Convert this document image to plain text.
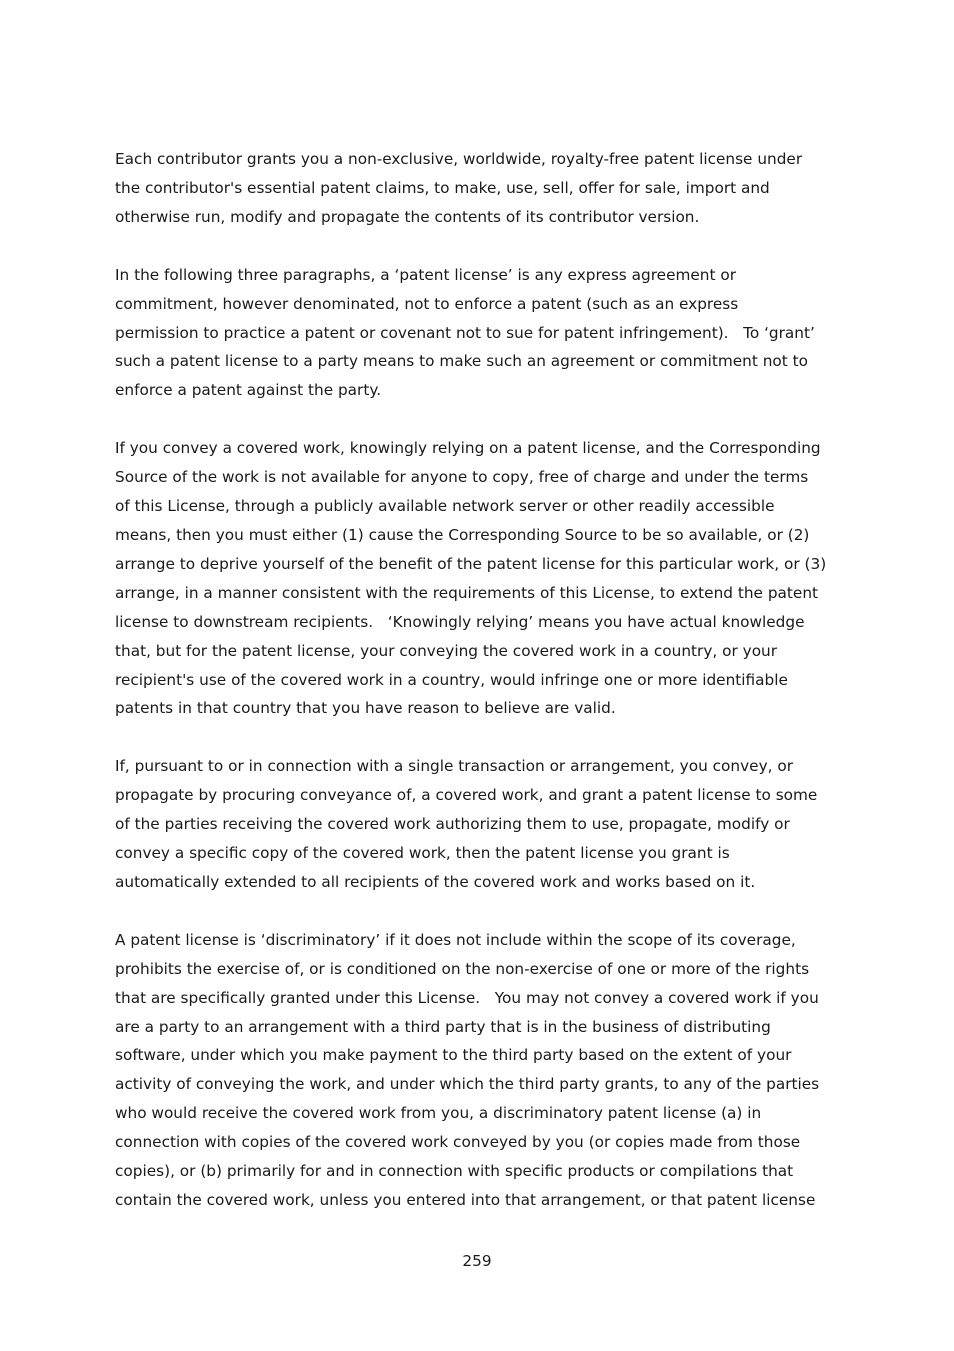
Each contributor grants you a non-exclusive, worldwide, royalty-free patent license under
the contributor's essential patent claims, to make, use, sell, offer for sale, import and
otherwise run, modify and propagate the contents of its contributor version.

In the following three paragraphs, a ‘patent license’ is any express agreement or
commitment, however denominated, not to enforce a patent (such as an express
permission to practice a patent or covenant not to sue for patent infringement).   To ‘grant’
such a patent license to a party means to make such an agreement or commitment not to
enforce a patent against the party.

If you convey a covered work, knowingly relying on a patent license, and the Corresponding
Source of the work is not available for anyone to copy, free of charge and under the terms
of this License, through a publicly available network server or other readily accessible
means, then you must either (1) cause the Corresponding Source to be so available, or (2)
arrange to deprive yourself of the benefit of the patent license for this particular work, or (3)
arrange, in a manner consistent with the requirements of this License, to extend the patent
license to downstream recipients.   ‘Knowingly relying’ means you have actual knowledge
that, but for the patent license, your conveying the covered work in a country, or your
recipient's use of the covered work in a country, would infringe one or more identifiable
patents in that country that you have reason to believe are valid.

If, pursuant to or in connection with a single transaction or arrangement, you convey, or
propagate by procuring conveyance of, a covered work, and grant a patent license to some
of the parties receiving the covered work authorizing them to use, propagate, modify or
convey a specific copy of the covered work, then the patent license you grant is
automatically extended to all recipients of the covered work and works based on it.

A patent license is ‘discriminatory’ if it does not include within the scope of its coverage,
prohibits the exercise of, or is conditioned on the non-exercise of one or more of the rights
that are specifically granted under this License.   You may not convey a covered work if you
are a party to an arrangement with a third party that is in the business of distributing
software, under which you make payment to the third party based on the extent of your
activity of conveying the work, and under which the third party grants, to any of the parties
who would receive the covered work from you, a discriminatory patent license (a) in
connection with copies of the covered work conveyed by you (or copies made from those
copies), or (b) primarily for and in connection with specific products or compilations that
contain the covered work, unless you entered into that arrangement, or that patent license

259
